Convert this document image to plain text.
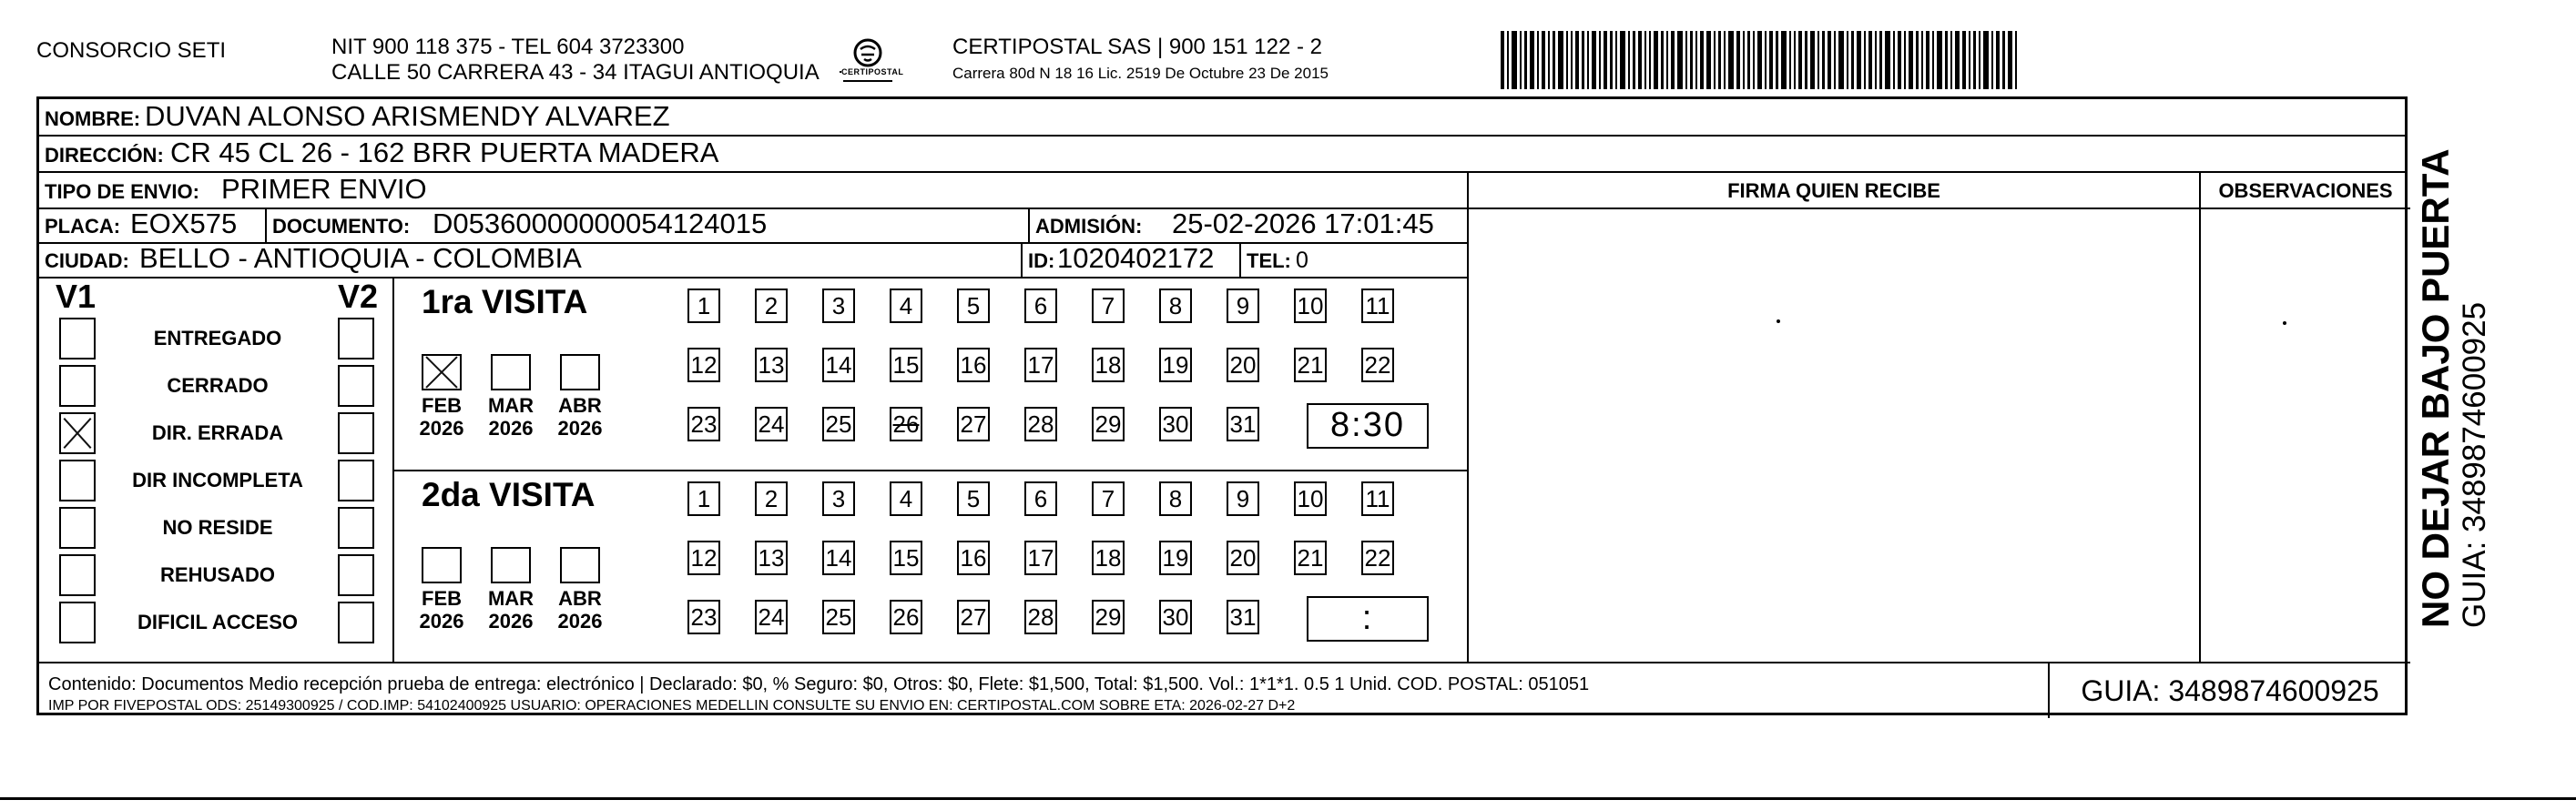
CONSORCIO SETI	NIT 900 118 375 - TEL 604 3723300
CALLE 50 CARRERA 43 - 34 ITAGUI ANTIOQUIA	CERTIPOSTAL
CERTIPOSTAL SAS | 900 151 122 - 2
Carrera 80d N 18 16 Lic. 2519 De Octubre 23 De 2015
NOMBRE: DUVAN ALONSO ARISMENDY ALVAREZ
DIRECCIÓN: CR 45 CL 26 - 162 BRR PUERTA MADERA
TIPO DE ENVIO: PRIMER ENVIO	FIRMA QUIEN RECIBE	OBSERVACIONES
PLACA: EOX575 DOCUMENTO: D05360000000054124015	ADMISIÓN: 25-02-2026 17:01:45
CIUDAD: BELLO - ANTIOQUIA - COLOMBIA	ID: 1020402172 TEL: 0
V1	V2
ENTREGADO
CERRADO
DIR. ERRADA
DIR INCOMPLETA
NO RESIDE
REHUSADO
DIFICIL ACCESO
1ra VISITA
FEB
2026
MAR
2026
ABR
2026
1	2	3	4	5	6	7	8	9	10 11
12 13 14 15 16 17 18 19 20 21 22
23 24 25 26 27 28 29 30 31	8:30
2da VISITA
FEB
2026
MAR
2026
ABR
2026
1	2	3	4	5	6	7	8	9	10 11
12 13 14 15 16 17 18 19 20 21 22
23 24 25 26 27 28 29 30 31	:
Contenido: Documentos Medio recepción prueba de entrega: electrónico | Declarado: $0, % Seguro: $0, Otros: $0, Flete: $1,500, Total: $1,500. Vol.: 1*1*1. 0.5 1 Unid. COD. POSTAL: 051051
IMP POR FIVEPOSTAL ODS: 25149300925 / COD.IMP: 54102400925 USUARIO: OPERACIONES MEDELLIN CONSULTE SU ENVIO EN: CERTIPOSTAL.COM SOBRE ETA: 2026-02-27 D+2	GUIA: 3489874600925
NO DEJAR BAJO PUERTA GUIA: 3489874600925
